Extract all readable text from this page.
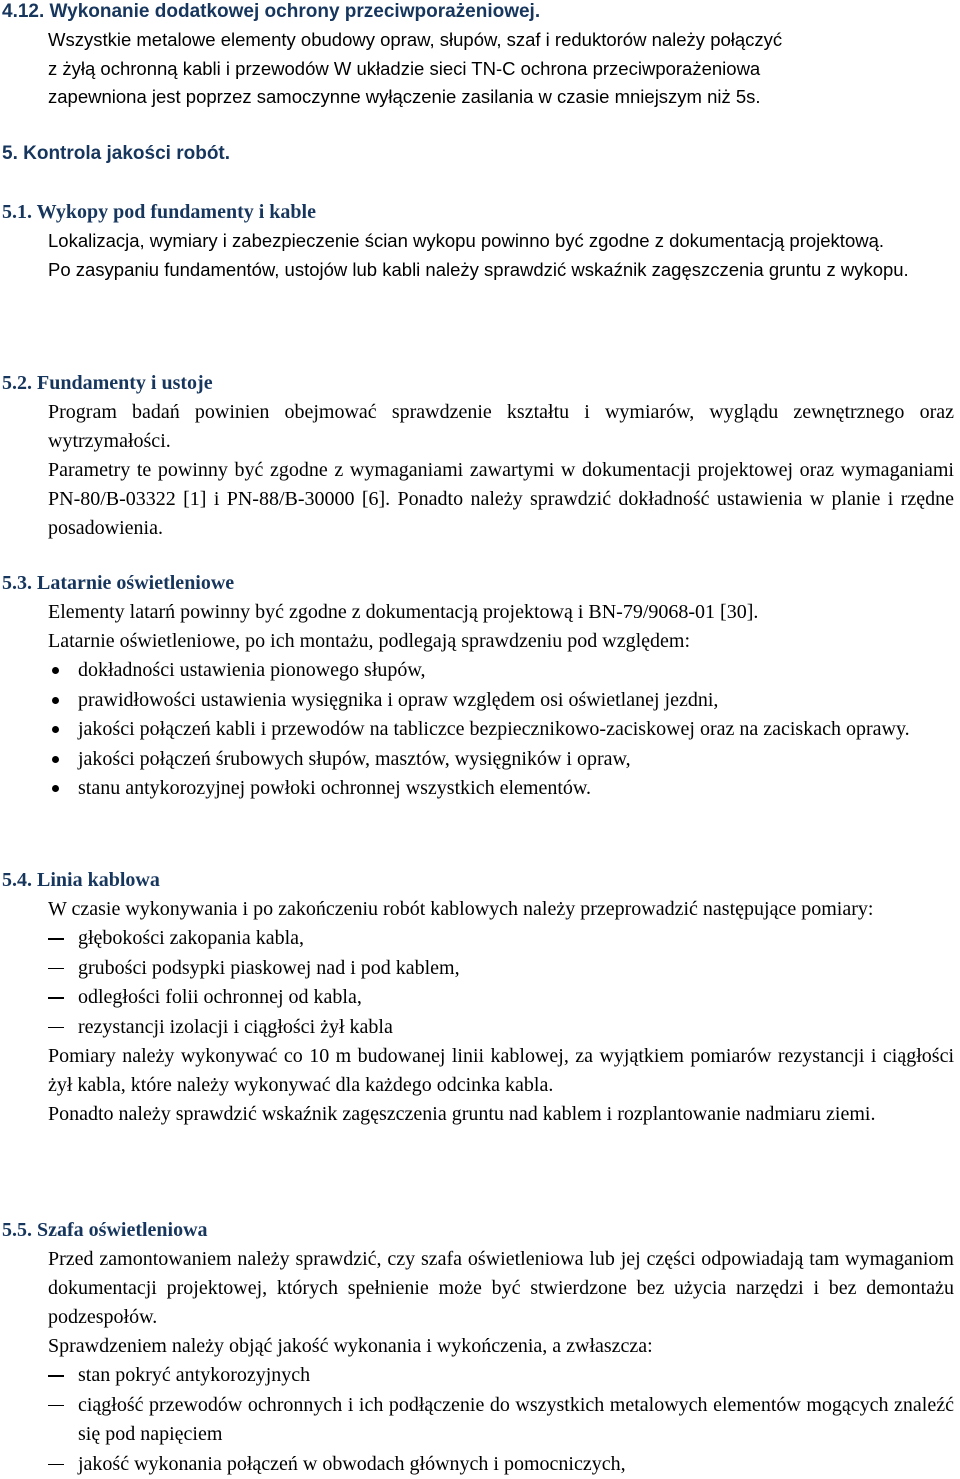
4.12. Wykonanie dodatkowej ochrony przeciwporażeniowej.

Wszystkie metalowe elementy obudowy opraw, słupów, szaf i reduktorów należy połączyć

z żyłą ochronną kabli i przewodów W układzie sieci TN-C ochrona przeciwporażeniowa

zapewniona jest poprzez samoczynne wyłączenie zasilania w czasie mniejszym niż 5s.

5. Kontrola jakości robót.

5.1. Wykopy pod fundamenty i kable

Lokalizacja, wymiary i zabezpieczenie ścian wykopu powinno być zgodne z dokumentacją projektową.

Po zasypaniu fundamentów, ustojów lub kabli należy sprawdzić wskaźnik zagęszczenia gruntu z wykopu.

5.2. Fundamenty i ustoje

Program badań powinien obejmować sprawdzenie kształtu i wymiarów, wyglądu zewnętrznego oraz wytrzymałości.

Parametry te powinny być zgodne z wymaganiami zawartymi w dokumentacji projektowej oraz wymaganiami PN-80/B-03322 [1] i PN-88/B-30000 [6]. Ponadto należy sprawdzić dokładność ustawienia w planie i rzędne posadowienia.

5.3. Latarnie oświetleniowe

Elementy latarń powinny być zgodne z dokumentacją projektową i BN-79/9068-01 [30].

Latarnie oświetleniowe, po ich montażu, podlegają sprawdzeniu pod względem:

dokładności ustawienia pionowego słupów,
prawidłowości ustawienia wysięgnika i opraw względem osi oświetlanej jezdni,
jakości połączeń kabli i przewodów na tabliczce bezpiecznikowo-zaciskowej oraz na zaciskach oprawy.
jakości połączeń śrubowych słupów, masztów, wysięgników i opraw,
stanu antykorozyjnej powłoki ochronnej wszystkich elementów.

5.4. Linia kablowa

W czasie wykonywania i po zakończeniu robót kablowych należy przeprowadzić następujące pomiary:

głębokości zakopania kabla,
grubości podsypki piaskowej nad i pod kablem,
odległości folii ochronnej od kabla,
rezystancji izolacji i ciągłości żył kabla

Pomiary należy wykonywać co 10 m budowanej linii kablowej, za wyjątkiem pomiarów rezystancji i ciągłości żył kabla, które należy wykonywać dla każdego odcinka kabla.

Ponadto należy sprawdzić wskaźnik zagęszczenia gruntu nad kablem i rozplantowanie nadmiaru ziemi.

5.5. Szafa oświetleniowa

Przed zamontowaniem należy sprawdzić, czy szafa oświetleniowa lub jej części odpowiadają tam wymaganiom dokumentacji projektowej, których spełnienie może być stwierdzone bez użycia narzędzi i bez demontażu podzespołów.

Sprawdzeniem należy objąć jakość wykonania i wykończenia, a zwłaszcza:

stan pokryć antykorozyjnych
ciągłość przewodów ochronnych i ich podłączenie do wszystkich metalowych elementów mogących znaleźć się pod napięciem
jakość wykonania połączeń w obwodach głównych i pomocniczych,
